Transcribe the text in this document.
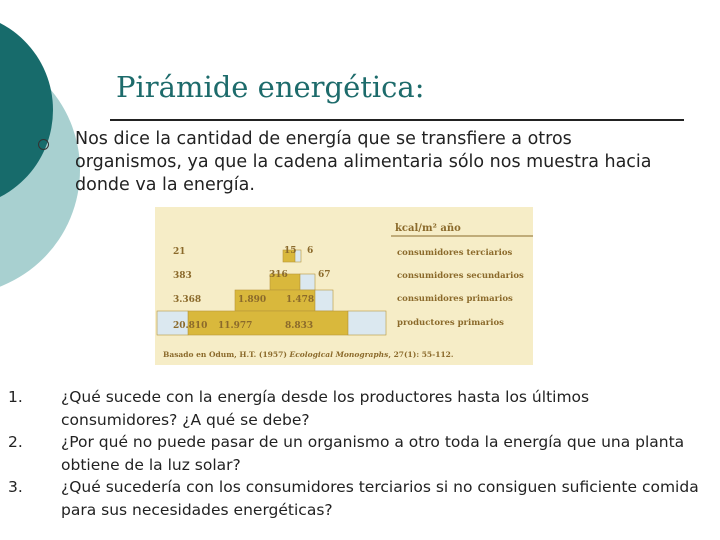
Pirámide energética:
Nos dice la cantidad de energía que se transfiere a otros organismos, ya que la cadena alimentaria sólo nos muestra hacia donde va la energía.
kcal/m² año
21
383
3.368
20.810
15 6
316	67
1.890 1.478
11.977	8.833
consumidores terciarios
consumidores secundarios
consumidores primarios
productores primarios
Basado en Odum, H.T. (1957) Ecological Monographs, 27(1): 55-112.
1. ¿Qué sucede con la energía desde los productores hasta los últimos consumidores? ¿A qué se debe?
2. ¿Por qué no puede pasar de un organismo a otro toda la energía que una planta obtiene de la luz solar?
3. ¿Qué sucedería con los consumidores terciarios si no consiguen suficiente comida para sus necesidades energéticas?
